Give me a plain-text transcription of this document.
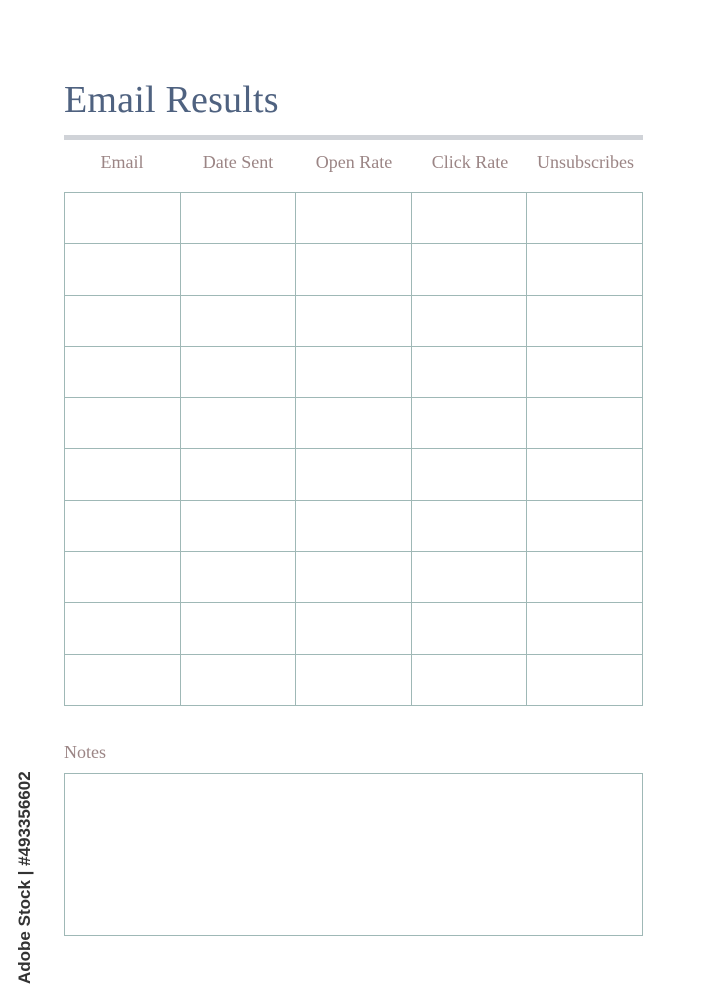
Email Results
Email	Date Sent	Open Rate	Click Rate	Unsubscribes

Notes
Adobe Stock | #493356602
